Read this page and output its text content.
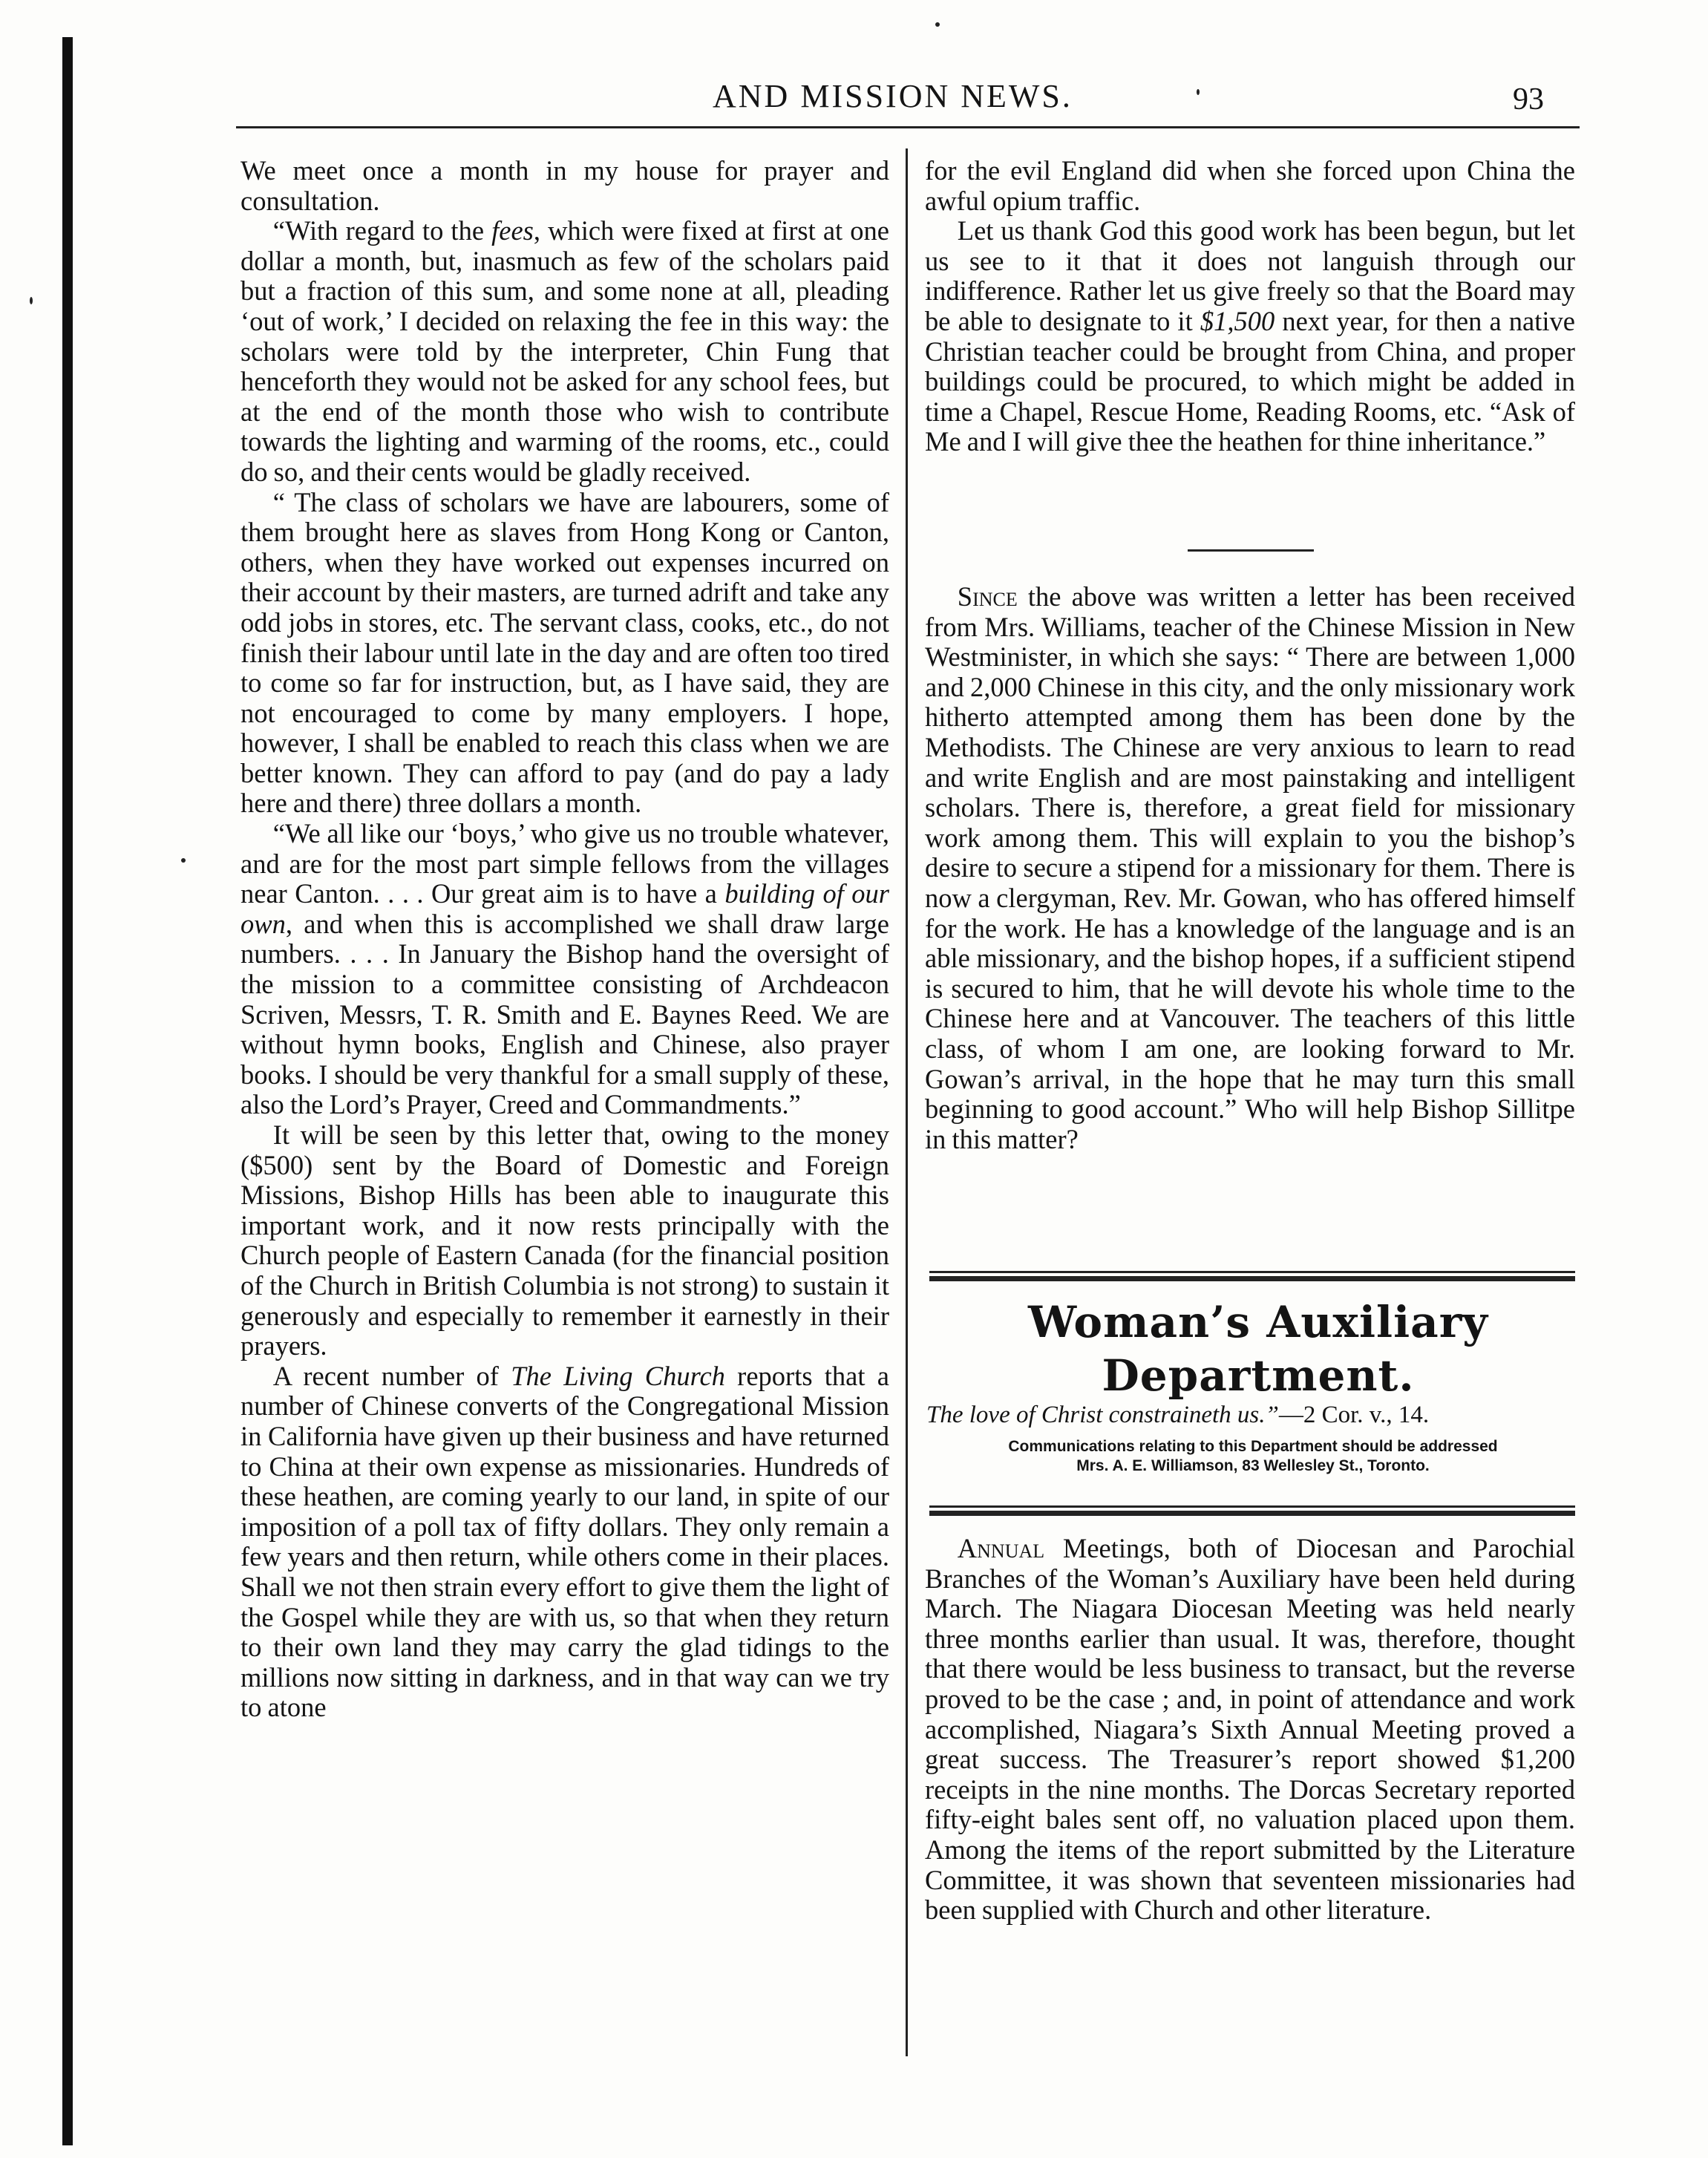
AND MISSION NEWS.	93

We meet once a month in my house for prayer and consultation.

“With regard to the fees, which were fixed at first at one dollar a month, but, inasmuch as few of the scholars paid but a fraction of this sum, and some none at all, pleading ‘out of work,’ I decided on relaxing the fee in this way: the scholars were told by the interpreter, Chin Fung that henceforth they would not be asked for any school fees, but at the end of the month those who wish to contribute towards the lighting and warming of the rooms, etc., could do so, and their cents would be gladly received.

“ The class of scholars we have are labourers, some of them brought here as slaves from Hong Kong or Canton, others, when they have worked out expenses incurred on their account by their masters, are turned adrift and take any odd jobs in stores, etc. The servant class, cooks, etc., do not finish their labour until late in the day and are often too tired to come so far for instruction, but, as I have said, they are not encouraged to come by many employers. I hope, however, I shall be enabled to reach this class when we are better known. They can afford to pay (and do pay a lady here and there) three dollars a month.

“We all like our ‘boys,’ who give us no trouble whatever, and are for the most part simple fellows from the villages near Canton. . . . Our great aim is to have a building of our own, and when this is accomplished we shall draw large numbers. . . . In January the Bishop hand the oversight of the mission to a committee consisting of Archdeacon Scriven, Messrs, T. R. Smith and E. Baynes Reed. We are without hymn books, English and Chinese, also prayer books. I should be very thankful for a small supply of these, also the Lord’s Prayer, Creed and Commandments.”

It will be seen by this letter that, owing to the money ($500) sent by the Board of Domestic and Foreign Missions, Bishop Hills has been able to inaugurate this important work, and it now rests principally with the Church people of Eastern Canada (for the financial position of the Church in British Columbia is not strong) to sustain it generously and especially to remember it earnestly in their prayers.

A recent number of The Living Church reports that a number of Chinese converts of the Congregational Mission in California have given up their business and have returned to China at their own expense as missionaries. Hundreds of these heathen, are coming yearly to our land, in spite of our imposition of a poll tax of fifty dollars. They only remain a few years and then return, while others come in their places. Shall we not then strain every effort to give them the light of the Gospel while they are with us, so that when they return to their own land they may carry the glad tidings to the millions now sitting in darkness, and in that way can we try to atone

for the evil England did when she forced upon China the awful opium traffic.

Let us thank God this good work has been begun, but let us see to it that it does not languish through our indifference. Rather let us give freely so that the Board may be able to designate to it $1,500 next year, for then a native Christian teacher could be brought from China, and proper buildings could be procured, to which might be added in time a Chapel, Rescue Home, Reading Rooms, etc. “Ask of Me and I will give thee the heathen for thine inheritance.”

Since the above was written a letter has been received from Mrs. Williams, teacher of the Chinese Mission in New Westminister, in which she says: “ There are between 1,000 and 2,000 Chinese in this city, and the only missionary work hitherto attempted among them has been done by the Methodists. The Chinese are very anxious to learn to read and write English and are most painstaking and intelligent scholars. There is, therefore, a great field for missionary work among them. This will explain to you the bishop’s desire to secure a stipend for a missionary for them. There is now a clergyman, Rev. Mr. Gowan, who has offered himself for the work. He has a knowledge of the language and is an able missionary, and the bishop hopes, if a sufficient stipend is secured to him, that he will devote his whole time to the Chinese here and at Vancouver. The teachers of this little class, of whom I am one, are looking forward to Mr. Gowan’s arrival, in the hope that he may turn this small beginning to good account.” Who will help Bishop Sillitpe in this matter?

Woman’s Auxiliary Department.
The love of Christ constraineth us.”—2 Cor. v., 14.
Communications relating to this Department should be addressed
Mrs. A. E. Williamson, 83 Wellesley St., Toronto.

Annual Meetings, both of Diocesan and Parochial Branches of the Woman’s Auxiliary have been held during March. The Niagara Diocesan Meeting was held nearly three months earlier than usual. It was, therefore, thought that there would be less business to transact, but the reverse proved to be the case ; and, in point of attendance and work accomplished, Niagara’s Sixth Annual Meeting proved a great success. The Treasurer’s report showed $1,200 receipts in the nine months. The Dorcas Secretary reported fifty-eight bales sent off, no valuation placed upon them. Among the items of the report submitted by the Literature Committee, it was shown that seventeen missionaries had been supplied with Church and other literature.
